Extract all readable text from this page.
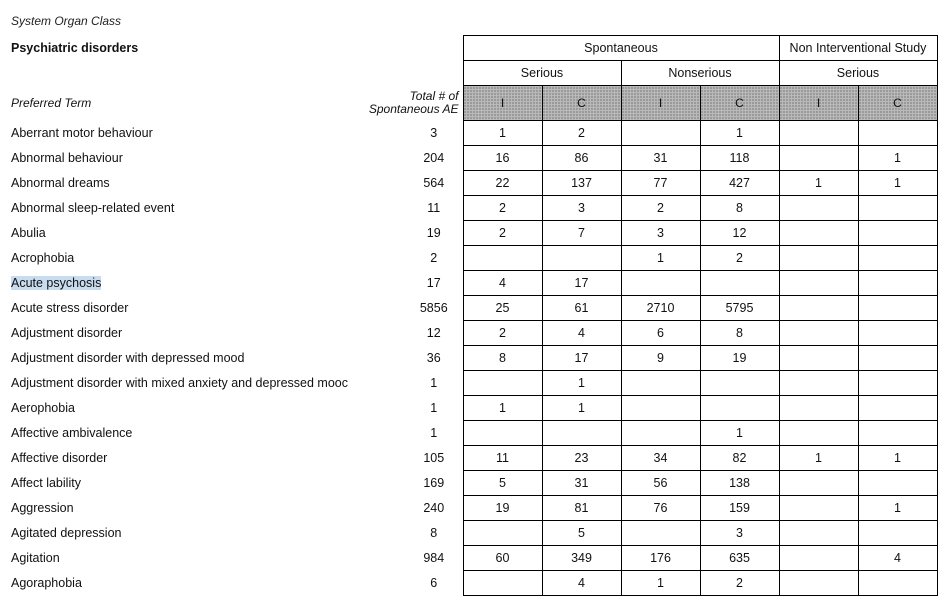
System Organ Class
Psychiatric disorders		Spontaneous				Non Interventional Study	
		Serious		Nonserious		Serious	
Preferred Term	Total # of
Spontaneous AE	I	C	I	C	I	C
Aberrant motor behaviour	3	1	2		1		
Abnormal behaviour	204	16	86	31	118		1
Abnormal dreams	564	22	137	77	427	1	1
Abnormal sleep-related event	11	2	3	2	8		
Abulia	19	2	7	3	12		
Acrophobia	2			1	2		
Acute psychosis	17	4	17				
Acute stress disorder	5856	25	61	2710	5795		
Adjustment disorder	12	2	4	6	8		
Adjustment disorder with depressed mood	36	8	17	9	19		
Adjustment disorder with mixed anxiety and depressed mooc	1		1				
Aerophobia	1	1	1				
Affective ambivalence	1				1		
Affective disorder	105	11	23	34	82	1	1
Affect lability	169	5	31	56	138		
Aggression	240	19	81	76	159		1
Agitated depression	8		5		3		
Agitation	984	60	349	176	635		4
Agoraphobia	6		4	1	2		
